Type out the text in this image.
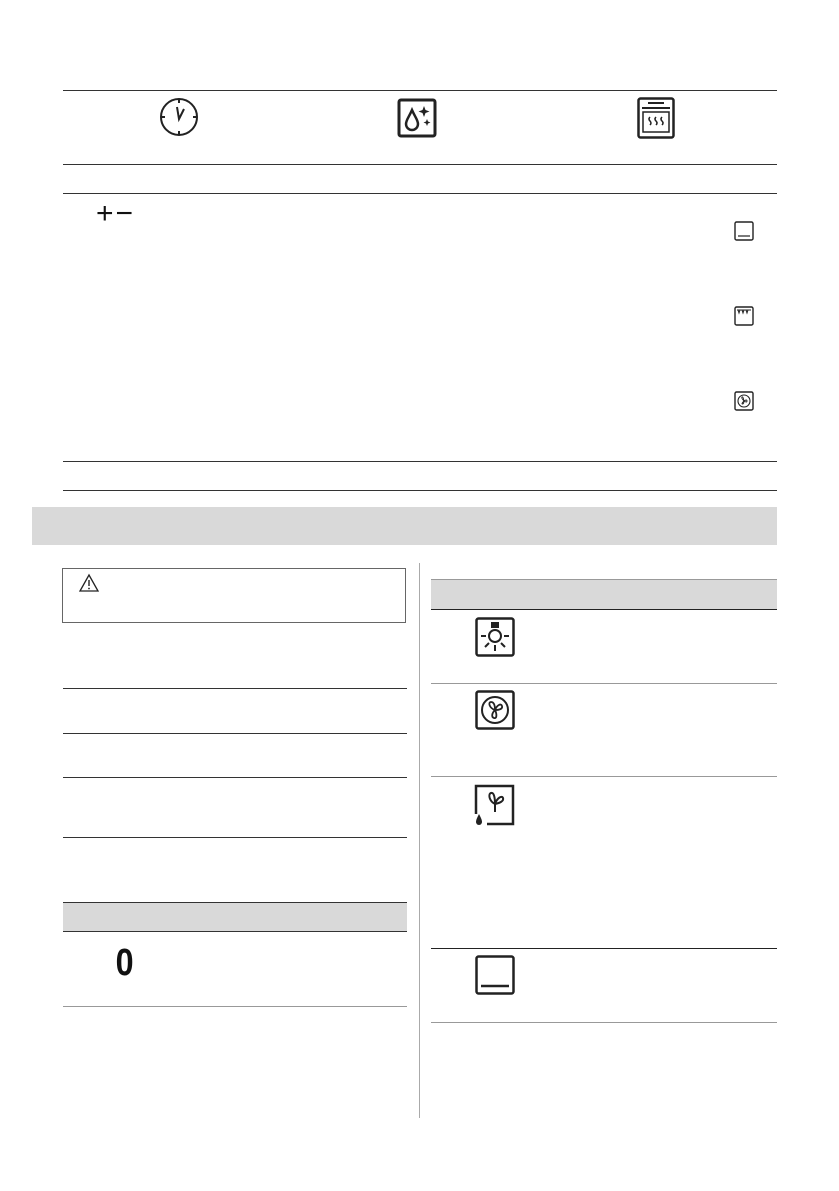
+−
0
